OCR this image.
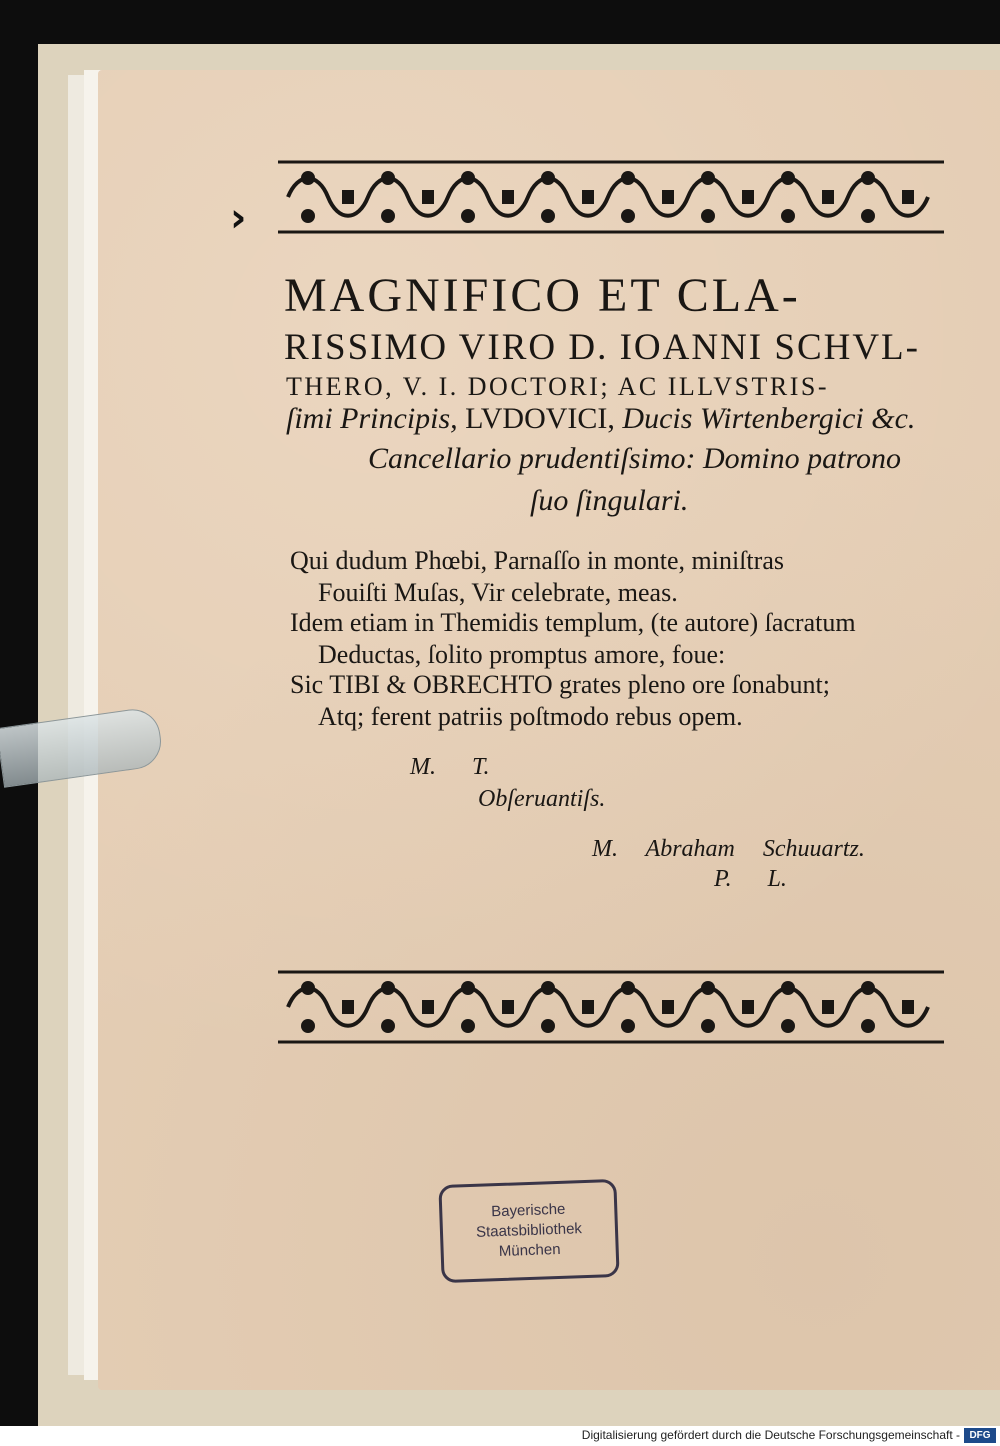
›
MAGNIFICO ET CLA-
RISSIMO VIRO D. IOANNI SCHVL-
THERO, V. I. DOCTORI; AC ILLVSTRIS-
ſimi Principis, LVDOVICI, Ducis Wirtenbergici &c.
Cancellario prudentiſsimo: Domino patrono
ſuo ſingulari.
Qui dudum Phœbi, Parnaſſo in monte, miniſtras
Fouiſti Muſas, Vir celebrate, meas.
Idem etiam in Themidis templum, (te autore) ſacratum
Deductas, ſolito promptus amore, foue:
Sic TIBI & OBRECHTO grates pleno ore ſonabunt;
Atq; ferent patriis poſtmodo rebus opem.
M. T.
Obſeruantiſs.
M. Abraham Schuuartz.
P. L.
Bayerische
Staatsbibliothek
München
Digitalisierung gefördert durch die Deutsche Forschungsgemeinschaft - DFG
